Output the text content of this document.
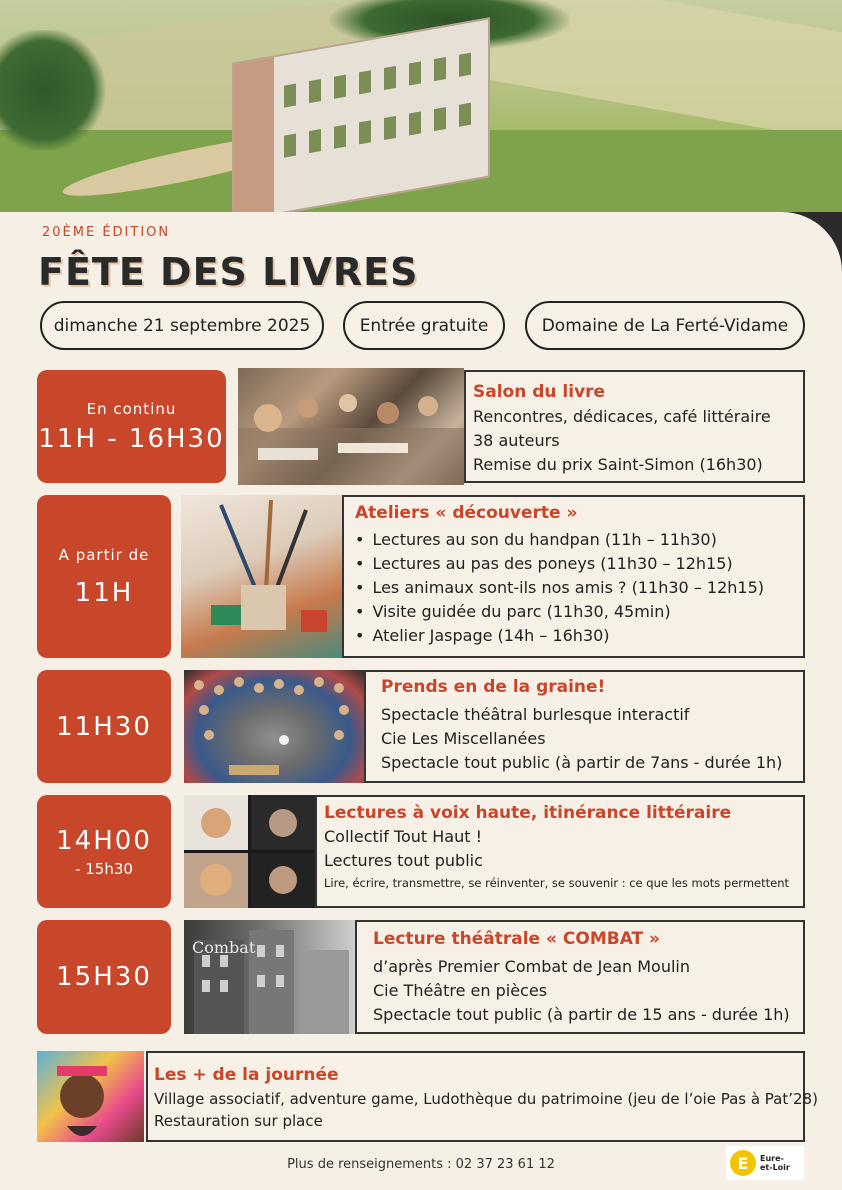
20ÈME ÉDITION
FÊTE DES LIVRES
dimanche 21 septembre 2025	Entrée gratuite	Domaine de La Ferté-Vidame
En continu
11H - 16H30
Salon du livre
Rencontres, dédicaces, café littéraire
38 auteurs
Remise du prix Saint-Simon (16h30)
A partir de
11H
Ateliers « découverte »
• Lectures au son du handpan (11h – 11h30)
• Lectures au pas des poneys (11h30 – 12h15)
• Les animaux sont-ils nos amis ? (11h30 – 12h15)
• Visite guidée du parc (11h30, 45min)
• Atelier Jaspage (14h – 16h30)
11H30
Prends en de la graine!
Spectacle théâtral burlesque interactif
Cie Les Miscellanées
Spectacle tout public (à partir de 7ans - durée 1h)
14H00
- 15h30
Lectures à voix haute, itinérance littéraire
Collectif Tout Haut !
Lectures tout public
Lire, écrire, transmettre, se réinventer, se souvenir : ce que les mots permettent
15H30
Combat	Lecture théâtrale « COMBAT »
d’après Premier Combat de Jean Moulin
Cie Théâtre en pièces
Spectacle tout public (à partir de 15 ans - durée 1h)
Les + de la journée
Village associatif, adventure game, Ludothèque du patrimoine (jeu de l’oie Pas à Pat’28)
Restauration sur place
Plus de renseignements : 02 37 23 61 12	E	Eure-
et-Loir
